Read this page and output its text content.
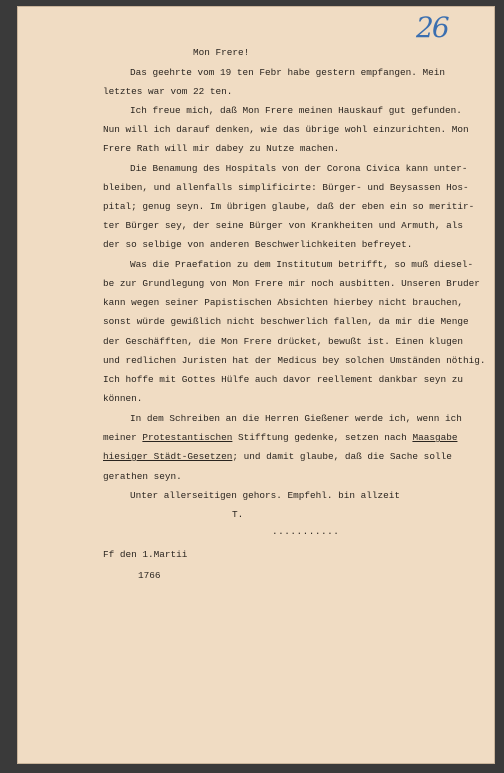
26
Mon Frere!
Das geehrte vom 19 ten Febr habe gestern empfangen. Mein
letztes war vom 22 ten.
Ich freue mich, daß Mon Frere meinen Hauskauf gut gefunden.
Nun will ich darauf denken, wie das übrige wohl einzurichten. Mon
Frere Rath will mir dabey zu Nutze machen.
Die Benamung des Hospitals von der Corona Civica kann unter-
bleiben, und allenfalls simplificirte: Bürger- und Beysassen Hos-
pital; genug seyn. Im übrigen glaube, daß der eben ein so meritir-
ter Bürger sey, der seine Bürger von Krankheiten und Armuth, als
der so selbige von anderen Beschwerlichkeiten befreyet.
Was die Praefation zu dem Institutum betrifft, so muß diesel-
be zur Grundlegung von Mon Frere mir noch ausbitten. Unseren Bruder
kann wegen seiner Papistischen Absichten hierbey nicht brauchen,
sonst würde gewißlich nicht beschwerlich fallen, da mir die Menge
der Geschäfften, die Mon Frere drücket, bewußt ist. Einen klugen
und redlichen Juristen hat der Medicus bey solchen Umständen nöthig.
Ich hoffe mit Gottes Hülfe auch davor reellement dankbar seyn zu
können.
In dem Schreiben an die Herren Gießener werde ich, wenn ich
meiner Protestantischen Stifftung gedenke, setzen nach Maasgabe
hiesiger Städt-Gesetzen; und damit glaube, daß die Sache solle
gerathen seyn.
Unter allerseitigen gehors. Empfehl. bin allzeit
T.
...........
Ff den 1.Martii
1766
